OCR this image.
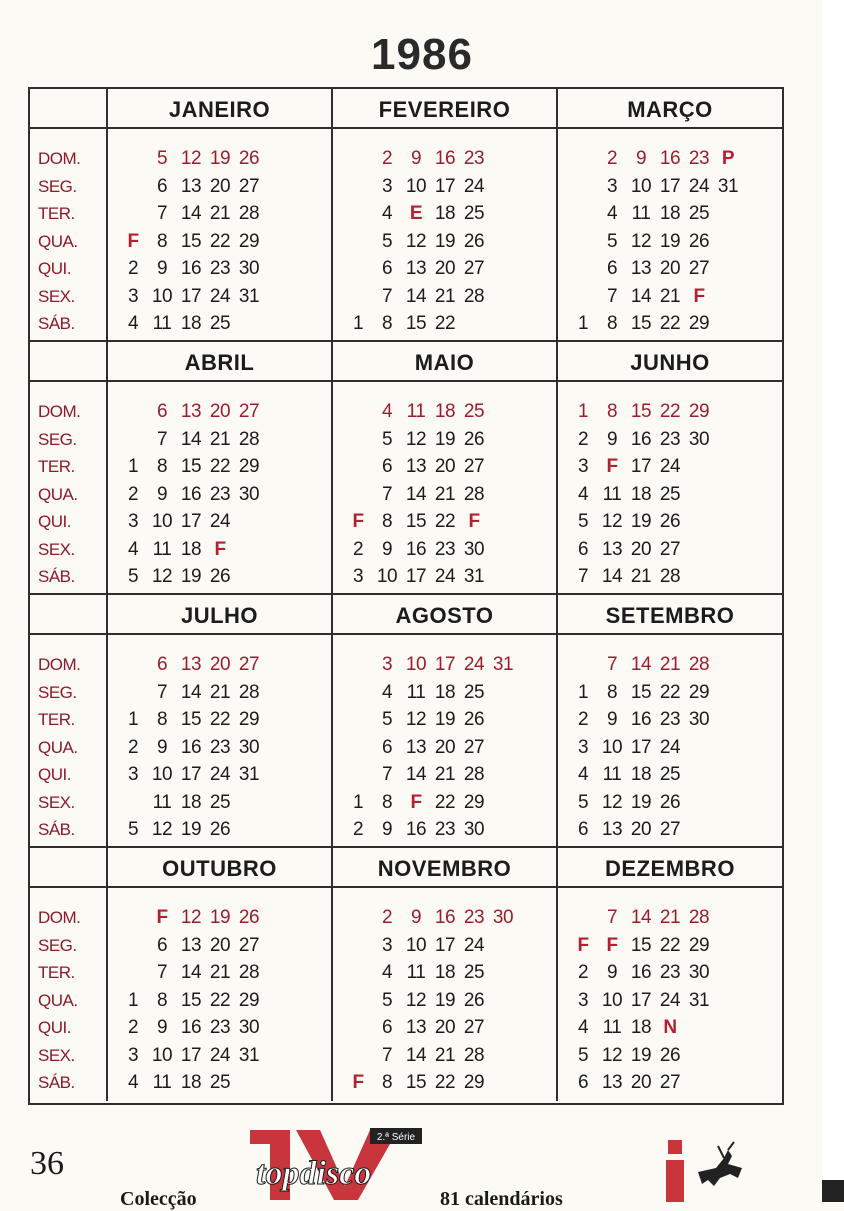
1986
DOM.
SEG.
TER.
QUA.
QUI.
SEX.
SÁB.
JANEIRO
F
2
3
4
5
6
7
8
9
10
11
12
13
14
15
16
17
18
19
20
21
22
23
24
25
26
27
28
29
30
31
FEVEREIRO
1
2
3
4
5
6
7
8
9
10
E
12
13
14
15
16
17
18
19
20
21
22
23
24
25
26
27
28
MARÇO
1
2
3
4
5
6
7
8
9
10
11
12
13
14
15
16
17
18
19
20
21
22
23
24
25
26
27
F
29
P
31
DOM.
SEG.
TER.
QUA.
QUI.
SEX.
SÁB.
ABRIL
1
2
3
4
5
6
7
8
9
10
11
12
13
14
15
16
17
18
19
20
21
22
23
24
F
26
27
28
29
30
MAIO
F
2
3
4
5
6
7
8
9
10
11
12
13
14
15
16
17
18
19
20
21
22
23
24
25
26
27
28
F
30
31
JUNHO
1
2
3
4
5
6
7
8
9
F
11
12
13
14
15
16
17
18
19
20
21
22
23
24
25
26
27
28
29
30
DOM.
SEG.
TER.
QUA.
QUI.
SEX.
SÁB.
JULHO
1
2
3
5
6
7
8
9
10
11
12
13
14
15
16
17
18
19
20
21
22
23
24
25
26
27
28
29
30
31
AGOSTO
1
2
3
4
5
6
7
8
9
10
11
12
13
14
F
16
17
18
19
20
21
22
23
24
25
26
27
28
29
30
31
SETEMBRO
1
2
3
4
5
6
7
8
9
10
11
12
13
14
15
16
17
18
19
20
21
22
23
24
25
26
27
28
29
30
DOM.
SEG.
TER.
QUA.
QUI.
SEX.
SÁB.
OUTUBRO
1
2
3
4
F
6
7
8
9
10
11
12
13
14
15
16
17
18
19
20
21
22
23
24
25
26
27
28
29
30
31
NOVEMBRO
F
2
3
4
5
6
7
8
9
10
11
12
13
14
15
16
17
18
19
20
21
22
23
24
25
26
27
28
29
30
DEZEMBRO
F
2
3
4
5
6
7
F
9
10
11
12
13
14
15
16
17
18
19
20
21
22
23
24
N
26
27
28
29
30
31
36
2.ª Série
topdisco
Colecção	81 calendários
